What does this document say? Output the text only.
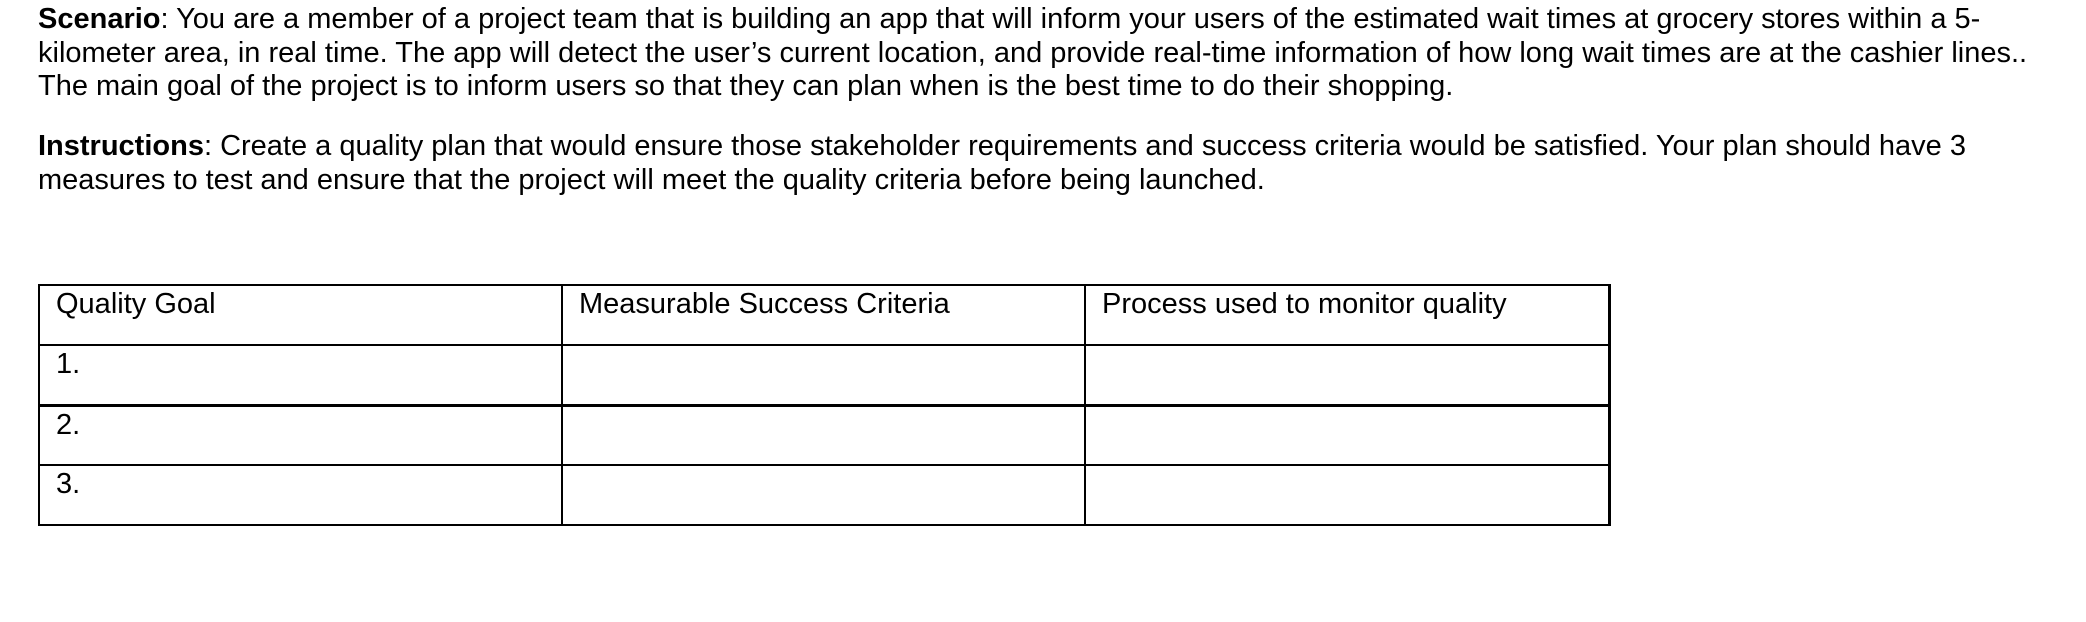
Scenario: You are a member of a project team that is building an app that will inform your users of the estimated wait times at grocery stores within a 5-kilometer area, in real time. The app will detect the user’s current location, and provide real-time information of how long wait times are at the cashier lines.. The main goal of the project is to inform users so that they can plan when is the best time to do their shopping.

Instructions: Create a quality plan that would ensure those stakeholder requirements and success criteria would be satisfied. Your plan should have 3 measures to test and ensure that the project will meet the quality criteria before being launched.

Quality Goal	Measurable Success Criteria	Process used to monitor quality
1.		
2.		
3.		
